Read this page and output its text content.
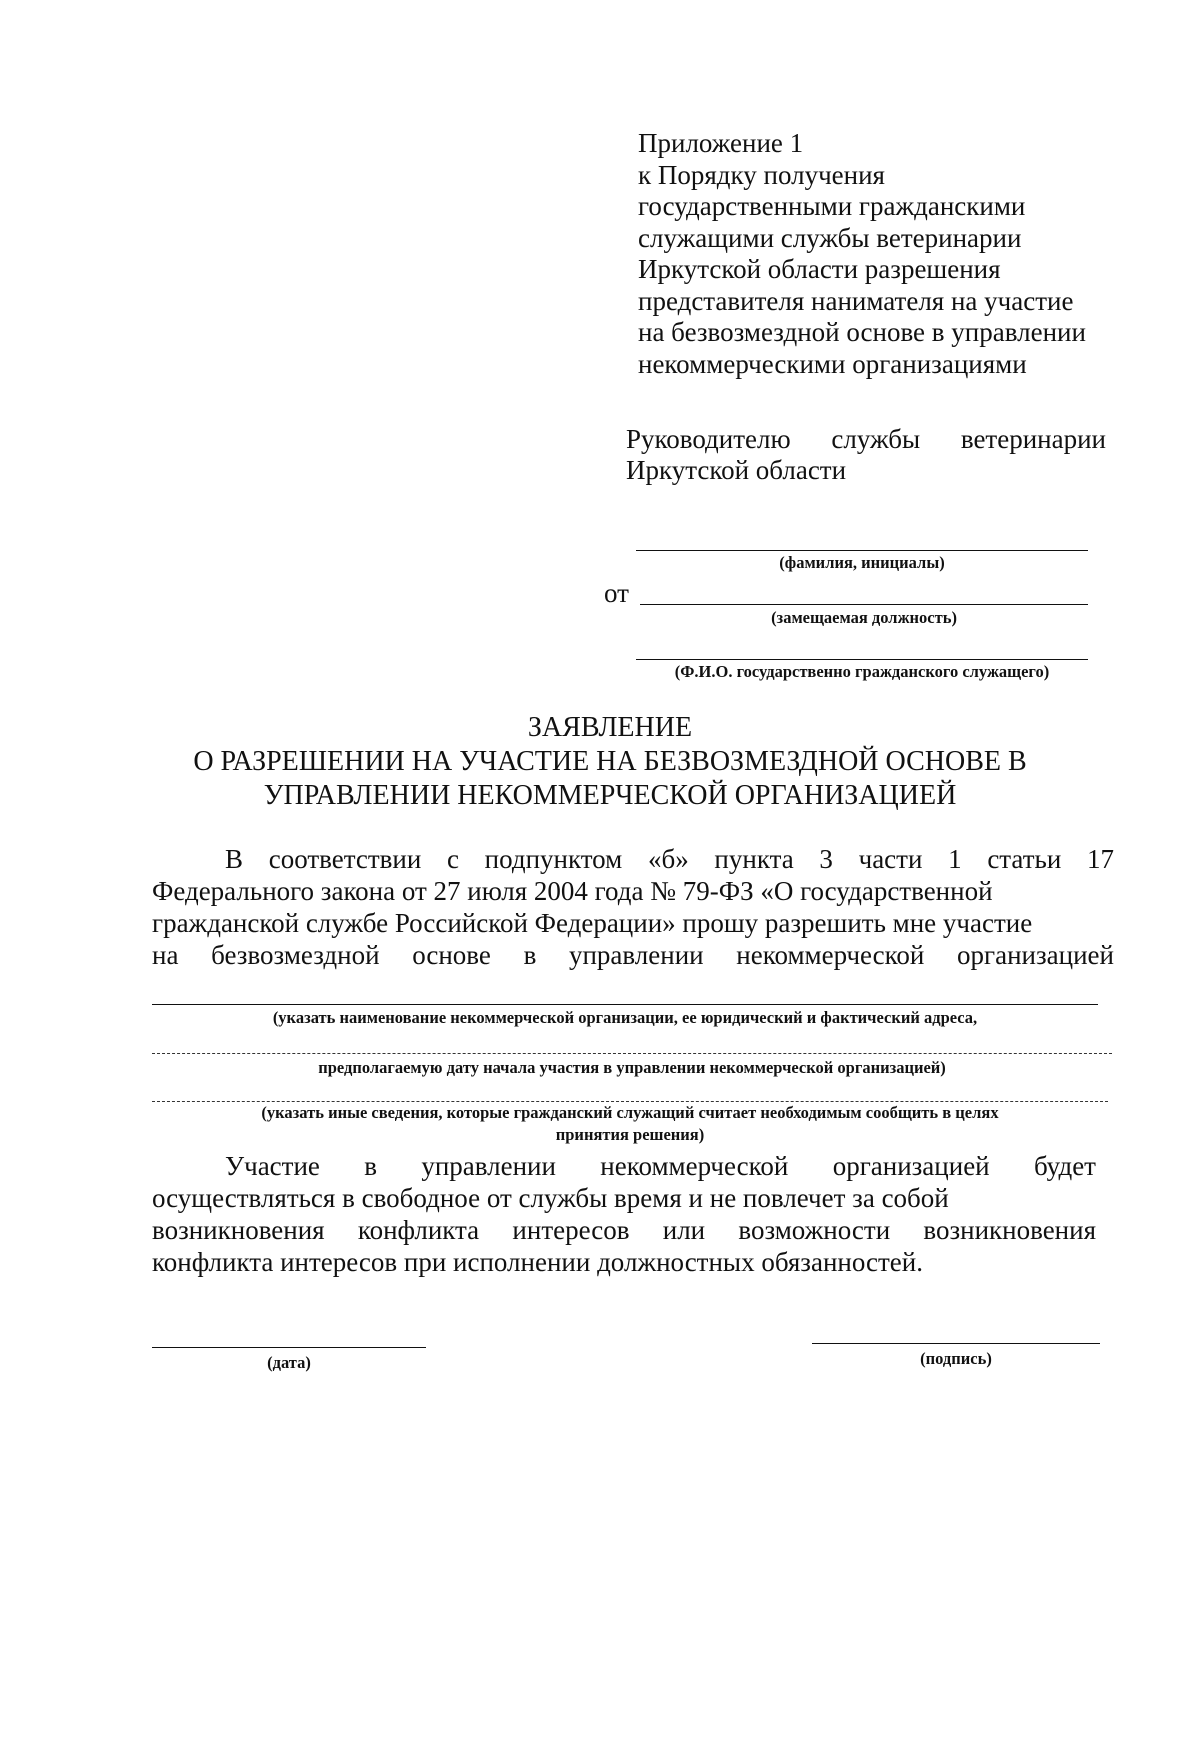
Приложение 1
к Порядку получения
государственными гражданскими
служащими службы ветеринарии
Иркутской области разрешения
представителя нанимателя на участие
на безвозмездной основе в управлении
некоммерческими организациями
Руководителю службы ветеринарии
Иркутской области
(фамилия, инициалы)
от
(замещаемая должность)
(Ф.И.О. государственно гражданского служащего)
ЗАЯВЛЕНИЕ
О РАЗРЕШЕНИИ НА УЧАСТИЕ НА БЕЗВОЗМЕЗДНОЙ ОСНОВЕ В
УПРАВЛЕНИИ НЕКОММЕРЧЕСКОЙ ОРГАНИЗАЦИЕЙ
В соответствии с подпунктом «б» пункта 3 части 1 статьи 17
Федерального закона от 27 июля 2004 года № 79-ФЗ «О государственной
гражданской службе Российской Федерации» прошу разрешить мне участие
на безвозмездной основе в управлении некоммерческой организацией
(указать наименование некоммерческой организации, ее юридический и фактический адреса,
предполагаемую дату начала участия в управлении некоммерческой организацией)
(указать иные сведения, которые гражданский служащий считает необходимым сообщить в целях
принятия решения)
Участие в управлении некоммерческой организацией будет
осуществляться в свободное от службы время и не повлечет за собой
возникновения конфликта интересов или возможности возникновения
конфликта интересов при исполнении должностных обязанностей.
(дата)	(подпись)
